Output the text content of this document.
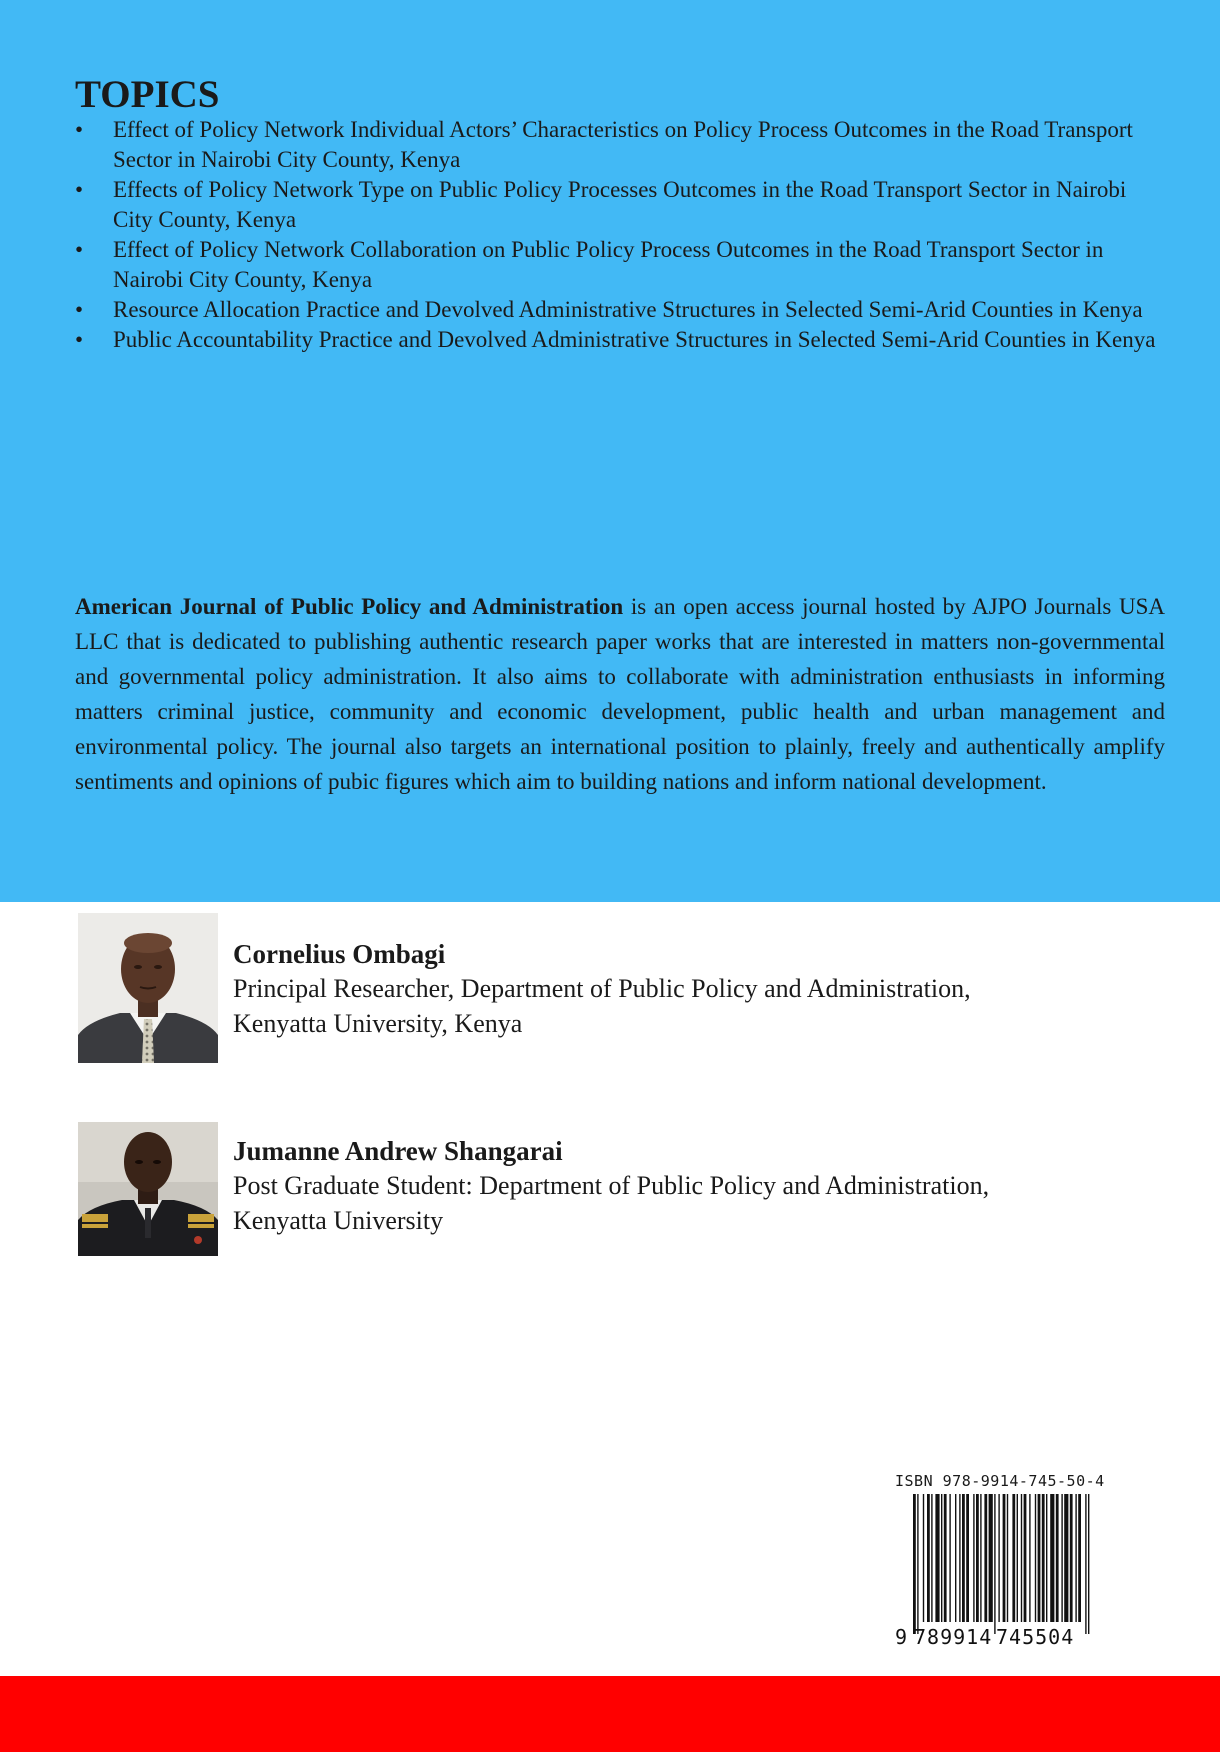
TOPICS
•	Effect of Policy Network Individual Actors’ Characteristics on Policy Process Outcomes in the Road Transport Sector in Nairobi City County, Kenya
•	Effects of Policy Network Type on Public Policy Processes Outcomes in the Road Transport Sector in Nairobi City County, Kenya
•	Effect of Policy Network Collaboration on Public Policy Process Outcomes in the Road Transport Sector in Nairobi City County, Kenya
•	Resource Allocation Practice and Devolved Administrative Structures in Selected Semi-Arid Counties in Kenya
•	Public Accountability Practice and Devolved Administrative Structures in Selected Semi-Arid Counties in Kenya

American Journal of Public Policy and Administration is an open access journal hosted by AJPO Journals USA LLC that is dedicated to publishing authentic research paper works that are interested in matters non-governmental and governmental policy administration. It also aims to collaborate with administration enthusiasts in informing matters criminal justice, community and economic development, public health and urban management and environmental policy. The journal also targets an international position to plainly, freely and authentically amplify sentiments and opinions of pubic figures which aim to building nations and inform national development.

Cornelius Ombagi
Principal Researcher, Department of Public Policy and Administration,
Kenyatta University, Kenya
Jumanne Andrew Shangarai
Post Graduate Student: Department of Public Policy and Administration,
Kenyatta University
ISBN 978-9914-745-50-4
9 789914 745504
